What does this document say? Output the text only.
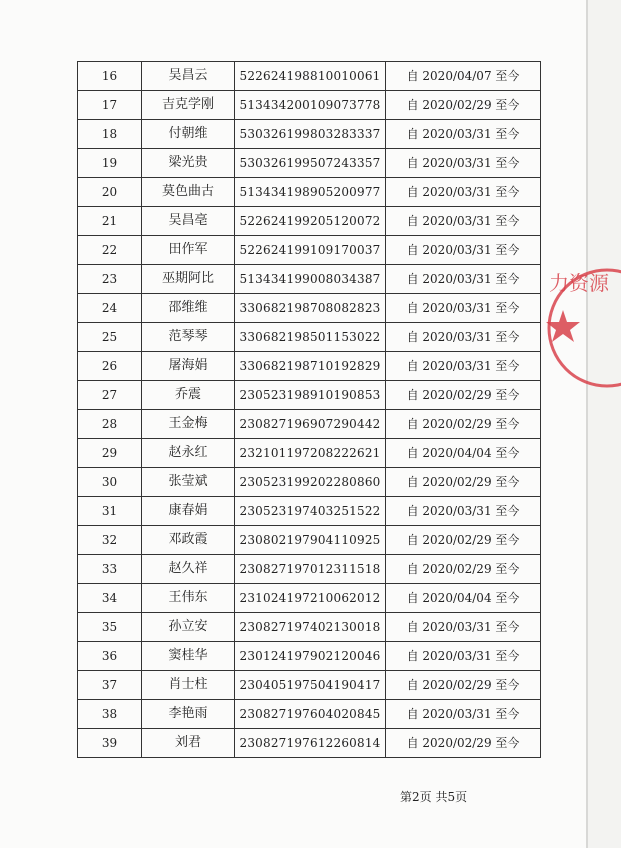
16	吴昌云	522624198810010061	自 2020/04/07 至今
17	吉克学刚	513434200109073778	自 2020/02/29 至今
18	付朝维	530326199803283337	自 2020/03/31 至今
19	梁光贵	530326199507243357	自 2020/03/31 至今
20	莫色曲古	513434198905200977	自 2020/03/31 至今
21	吴昌亳	522624199205120072	自 2020/03/31 至今
22	田作军	522624199109170037	自 2020/03/31 至今
23	巫期阿比	513434199008034387	自 2020/03/31 至今
24	邵维维	330682198708082823	自 2020/03/31 至今
25	范琴琴	330682198501153022	自 2020/03/31 至今
26	屠海娟	330682198710192829	自 2020/03/31 至今
27	乔震	230523198910190853	自 2020/02/29 至今
28	王金梅	230827196907290442	自 2020/02/29 至今
29	赵永红	232101197208222621	自 2020/04/04 至今
30	张莹斌	230523199202280860	自 2020/02/29 至今
31	康春娟	230523197403251522	自 2020/03/31 至今
32	邓政霞	230802197904110925	自 2020/02/29 至今
33	赵久祥	230827197012311518	自 2020/02/29 至今
34	王伟东	231024197210062012	自 2020/04/04 至今
35	孙立安	230827197402130018	自 2020/03/31 至今
36	窦桂华	230124197902120046	自 2020/03/31 至今
37	肖士柱	230405197504190417	自 2020/02/29 至今
38	李艳雨	230827197604020845	自 2020/03/31 至今
39	刘君	230827197612260814	自 2020/02/29 至今
第2页 共5页
力资源
